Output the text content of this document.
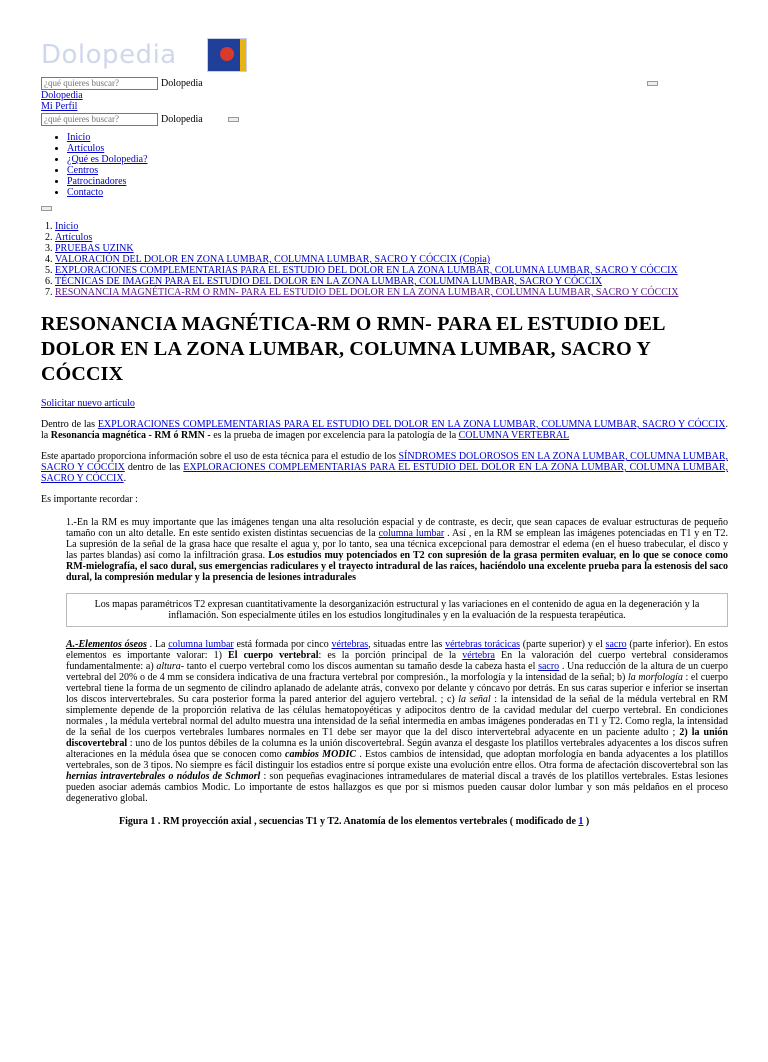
Dolopedia
¿qué quieres buscar?
Dolopedia
Dolopedia
Mi Perfil
¿qué quieres buscar?
Dolopedia
• Inicio
• Artículos
• ¿Qué es Dolopedia?
• Centros
• Patrocinadores
• Contacto
1. Inicio
2. Artículos
3. PRUEBAS UZINK
4. VALORACIÓN DEL DOLOR EN ZONA LUMBAR, COLUMNA LUMBAR, SACRO Y CÓCCIX (Copia)
5. EXPLORACIONES COMPLEMENTARIAS PARA EL ESTUDIO DEL DOLOR EN LA ZONA LUMBAR, COLUMNA LUMBAR, SACRO Y CÓCCIX
6. TÉCNICAS DE IMAGEN PARA EL ESTUDIO DEL DOLOR EN LA ZONA LUMBAR, COLUMNA LUMBAR, SACRO Y CÓCCIX
7. RESONANCIA MAGNÉTICA-RM O RMN- PARA EL ESTUDIO DEL DOLOR EN LA ZONA LUMBAR, COLUMNA LUMBAR, SACRO Y CÓCCIX
RESONANCIA MAGNÉTICA-RM O RMN- PARA EL ESTUDIO DEL DOLOR EN LA ZONA LUMBAR, COLUMNA LUMBAR, SACRO Y CÓCCIX
Solicitar nuevo artículo

Dentro de las EXPLORACIONES COMPLEMENTARIAS PARA EL ESTUDIO DEL DOLOR EN LA ZONA LUMBAR, COLUMNA LUMBAR, SACRO Y CÓCCIX. la Resonancia magnética - RM ó RMN - es la prueba de imagen por excelencia para la patología de la COLUMNA VERTEBRAL

Este apartado proporciona información sobre el uso de esta técnica para el estudio de los SÍNDROMES DOLOROSOS EN LA ZONA LUMBAR, COLUMNA LUMBAR, SACRO Y CÓCCIX dentro de las EXPLORACIONES COMPLEMENTARIAS PARA EL ESTUDIO DEL DOLOR EN LA ZONA LUMBAR, COLUMNA LUMBAR, SACRO Y CÓCCIX.

Es importante recordar :

1.-En la RM es muy importante que las imágenes tengan una alta resolución espacial y de contraste, es decir, que sean capaces de evaluar estructuras de pequeño tamaño con un alto detalle. En este sentido existen distintas secuencias de la columna lumbar . Así , en la RM se emplean las imágenes potenciadas en T1 y en T2. La supresión de la señal de la grasa hace que resalte el agua y, por lo tanto, sea una técnica excepcional para demostrar el edema (en el hueso trabecular, el disco y las partes blandas) así como la infiltración grasa. Los estudios muy potenciados en T2 con supresión de la grasa permiten evaluar, en lo que se conoce como RM-mielografía, el saco dural, sus emergencias radiculares y el trayecto intradural de las raíces, haciéndolo una excelente prueba para la estenosis del saco dural, la compresión medular y la presencia de lesiones intradurales

Los mapas paramétricos T2 expresan cuantitativamente la desorganización estructural y las variaciones en el contenido de agua en la degeneración y la inflamación. Son especialmente útiles en los estudios longitudinales y en la evaluación de la respuesta terapéutica.

A.-Elementos óseos . La columna lumbar está formada por cinco vértebras, situadas entre las vértebras torácicas (parte superior) y el sacro (parte inferior). En estos elementos es importante valorar: 1) El cuerpo vertebral: es la porción principal de la vértebra En la valoración del cuerpo vertebral consideramos fundamentalmente: a) altura- tanto el cuerpo vertebral como los discos aumentan su tamaño desde la cabeza hasta el sacro . Una reducción de la altura de un cuerpo vertebral del 20% o de 4 mm se considera indicativa de una fractura vertebral por compresión., la morfología y la intensidad de la señal; b) la morfología : el cuerpo vertebral tiene la forma de un segmento de cilindro aplanado de adelante atrás, convexo por delante y cóncavo por detrás. En sus caras superior e inferior se insertan los discos intervertebrales. Su cara posterior forma la pared anterior del agujero vertebral. ; c) la señal : la intensidad de la señal de la médula vertebral en RM simplemente depende de la proporción relativa de las células hematopoyéticas y adipocitos dentro de la cavidad medular del cuerpo vertebral. En condiciones normales , la médula vertebral normal del adulto muestra una intensidad de la señal intermedia en ambas imágenes ponderadas en T1 y T2. Como regla, la intensidad de la señal de los cuerpos vertebrales lumbares normales en T1 debe ser mayor que la del disco intervertebral adyacente en un paciente adulto ; 2) la unión discovertebral : uno de los puntos débiles de la columna es la unión discovertebral. Según avanza el desgaste los platillos vertebrales adyacentes a los discos sufren alteraciones en la médula ósea que se conocen como cambios MODIC . Estos cambios de intensidad, que adoptan morfología en banda adyacentes a los platillos vertebrales, son de 3 tipos. No siempre es fácil distinguir los estadios entre sí porque existe una evolución entre ellos. Otra forma de afectación discovertebral son las hernias intravertebrales o nódulos de Schmorl : son pequeñas evaginaciones intramedulares de material discal a través de los platillos vertebrales. Estas lesiones pueden asociar además cambios Modic. Lo importante de estos hallazgos es que por si mismos pueden causar dolor lumbar y son más peldaños en el proceso degenerativo global.

Figura 1 . RM proyección axial , secuencias T1 y T2. Anatomía de los elementos vertebrales ( modificado de 1 )
